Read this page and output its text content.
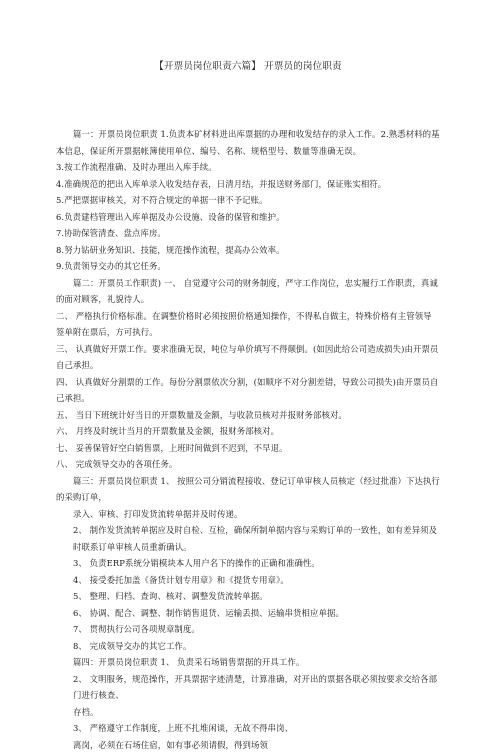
【开票员岗位职责六篇】 开票员的岗位职责

篇一：开票员岗位职责 1.负责本矿材料进出库票据的办理和收发结存的录入工作。2.熟悉材料的基本信息，保证所开票据帐簿使用单位、编号、名称、规格型号、数量等准确无误。

3.按工作流程准确、及时办理出入库手续。

4.准确规范的把出入库单录入收发结存表，日清月结，并报送财务部门，保证账实相符。

5.严把票据审核关，对不符合规定的单据一律不予记账。

6.负责建档管理出入库单据及办公设施、设备的保管和维护。

7.协助保管清查、盘点库房。

8.努力钻研业务知识、技能，规范操作流程，提高办公效率。

9.负责领导交办的其它任务。

篇二：开票员工作职责) 一、 自觉遵守公司的财务制度，严守工作岗位，忠实履行工作职责，真诚的面对顾客，礼貌待人。

二、 严格执行价格标准。在调整价格时必须按照价格通知操作，不得私自做主，特殊价格有主管领导签单附在票后，方可执行。

三、 认真做好开票工作。要求准确无误，吨位与单价填写不得颠倒。(如因此给公司造成损失)由开票员自己承担。

四、 认真做好分割票的工作。每份分割票依次分割，(如顺序不对分割差错，导致公司损失)由开票员自己承担。

五、 当日下班统计好当日的开票数量及金额，与收款员核对并报财务部核对。

六、 月终及时统计当月的开票数量及金额，报财务部核对。

七、 妥善保管好空白销售票，上班时间做到不迟到，不早退。

八、 完成领导交办的各项任务。

篇三：开票员岗位职责 1、 按照公司分销流程接收、登记订单审核人员核定（经过批准）下达执行的采购订单，

录入、审核、打印发货流转单据并及时传递。

2、 制作发货流转单据应及时自检、互检，确保所制单据内容与采购订单的一致性，如有差异须及时联系订单审核人员重新确认。

3、 负责ERP系统分销模块本人用户名下的操作的正确和准确性。

4、 接受委托加盖《备货计划专用章》和《提货专用章》。

5、 整理、归档、查询、核对、调整发货流转单据。

6、 协调、配合、调整、制作销售退货、运输丢损、运输串货相应单据。

7、 贯彻执行公司各项规章制度。

8、 完成领导交办的其它工作。

篇四：开票员岗位职责 1、 负责采石场销售票据的开具工作。

2、 文明服务，规范操作，开具票据字迹清楚，计算准确，对开出的票据各联必须按要求交给各部门进行核查、

存档。

3、 严格遵守工作制度，上班不扎堆闲谈，无故不得串岗、

离岗，必须在石场住宿，如有事必须请假，得到场领
